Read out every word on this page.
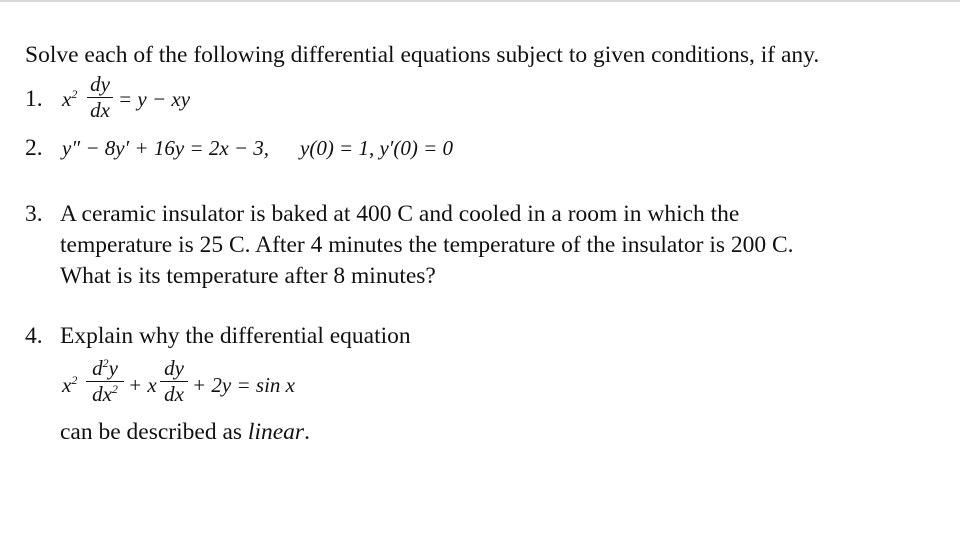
Solve each of the following differential equations subject to given conditions, if any.
1. $x^2$ dy
dx = y − xy
2. y″ − 8y′ + 16y = 2x − 3, y(0) = 1, y′(0) = 0
3. A ceramic insulator is baked at 400 C and cooled in a room in which the
temperature is 25 C. After 4 minutes the temperature of the insulator is 200 C.
What is its temperature after 8 minutes?
4. Explain why the differential equation
$x^2$ $d^2y$
$dx^2 + x$
dy
dx + 2y = sin x
can be described as linear.
